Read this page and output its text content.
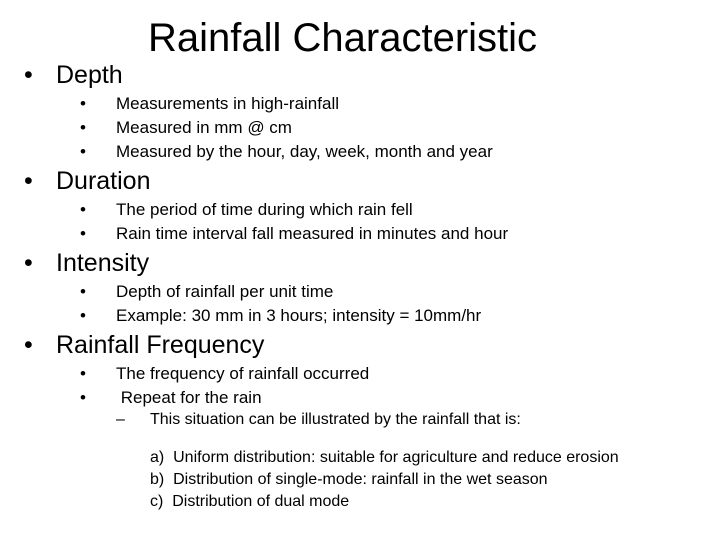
Rainfall Characteristic
• Depth
• Measurements in high-rainfall
• Measured in mm @ cm
• Measured by the hour, day, week, month and year
• Duration
• The period of time during which rain fell
• Rain time interval fall measured in minutes and hour
• Intensity
• Depth of rainfall per unit time
• Example: 30 mm in 3 hours; intensity = 10mm/hr
• Rainfall Frequency
• The frequency of rainfall occurred
• Repeat for the rain
– This situation can be illustrated by the rainfall that is:
a)  Uniform distribution: suitable for agriculture and reduce erosion
b)  Distribution of single-mode: rainfall in the wet season
c)  Distribution of dual mode
